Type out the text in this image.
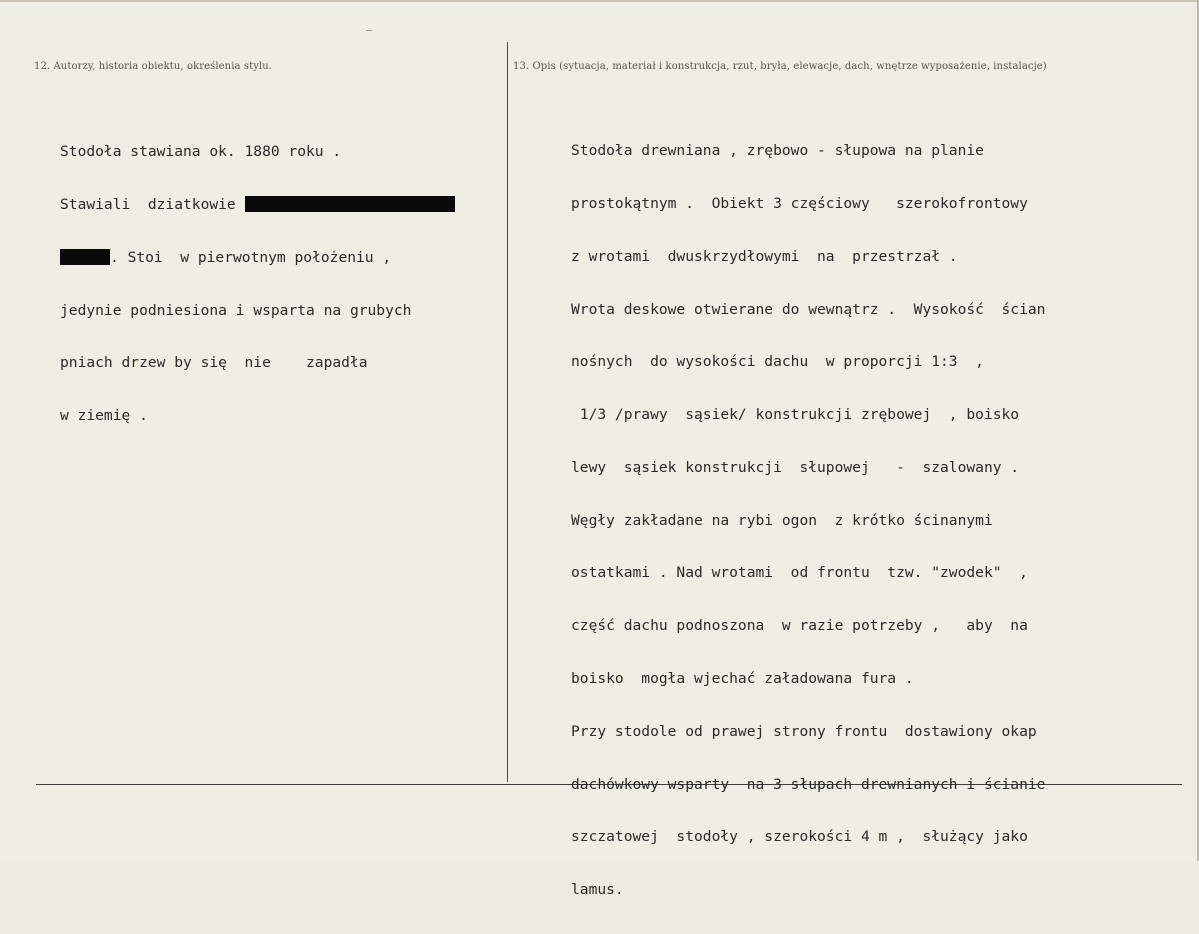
12. Autorzy, historia obiektu, określenia stylu.	13. Opis (sytuacja, materiał i konstrukcja, rzut, bryła, elewacje, dach, wnętrze wyposażenie, instalacje)

Stodoła stawiana ok. 1880 roku .

Stawiali  dziatkowie

. Stoi  w pierwotnym położeniu ,

jedynie podniesiona i wsparta na grubych

pniach drzew by się  nie    zapadła

w ziemię .

Stodoła drewniana , zrębowo - słupowa na planie

prostokątnym .  Obiekt 3 częściowy   szerokofrontowy

z wrotami  dwuskrzydłowymi  na  przestrzał .

Wrota deskowe otwierane do wewnątrz .  Wysokość  ścian

nośnych  do wysokości dachu  w proporcji 1:3  ,

1/3 /prawy  sąsiek/ konstrukcji zrębowej  , boisko

lewy  sąsiek konstrukcji  słupowej   -  szalowany .

Węgły zakładane na rybi ogon  z krótko ścinanymi

ostatkami . Nad wrotami  od frontu  tzw. "zwodek"  ,

część dachu podnoszona  w razie potrzeby ,   aby  na

boisko  mogła wjechać załadowana fura .

Przy stodole od prawej strony frontu  dostawiony okap

dachówkowy wsparty  na 3 słupach drewnianych i ścianie

szczatowej  stodoły , szerokości 4 m ,  służący jako

lamus.
